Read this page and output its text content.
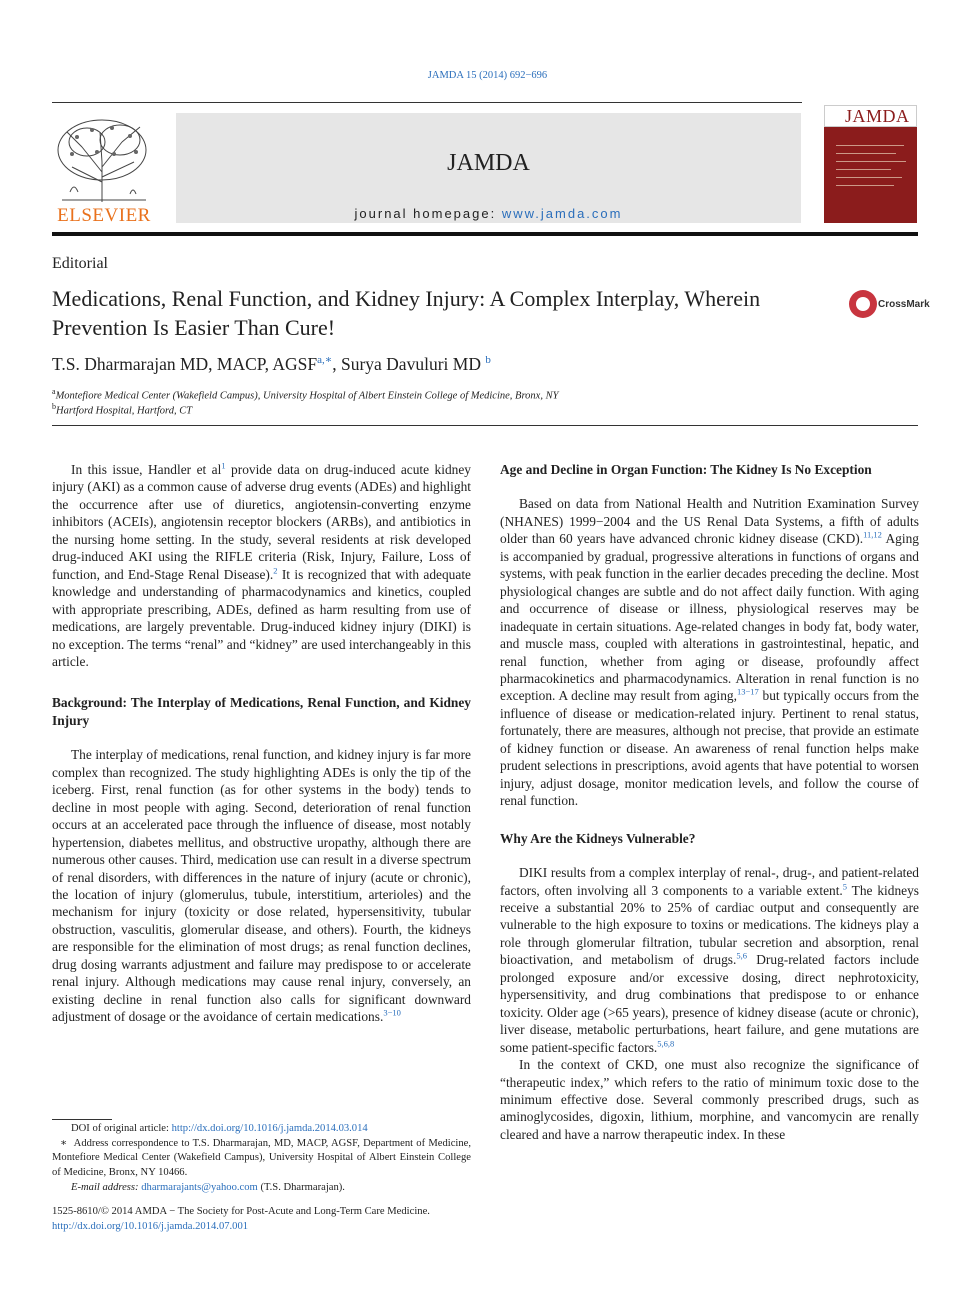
JAMDA 15 (2014) 692−696
ELSEVIER
JAMDA
journal homepage: www.jamda.com
JAMDA
Editorial
Medications, Renal Function, and Kidney Injury: A Complex Interplay, Wherein Prevention Is Easier Than Cure!
CrossMark
T.S. Dharmarajan MD, MACP, $AGSF^{a,∗}$, Surya Davuluri MD $^b$
$^a$Montefiore Medical Center (Wakefield Campus), University Hospital of Albert Einstein College of Medicine, Bronx, NY
$^b$Hartford Hospital, Hartford, CT

In this issue, Handler et $al^1$ provide data on drug-induced acute kidney injury (AKI) as a common cause of adverse drug events (ADEs) and highlight the occurrence after use of diuretics, angiotensin-converting enzyme inhibitors (ACEIs), angiotensin receptor blockers (ARBs), and antibiotics in the nursing home setting. In the study, several residents at risk developed drug-induced AKI using the RIFLE criteria (Risk, Injury, Failure, Loss of function, and End-Stage Renal Disease).$^2$ It is recognized that with adequate knowledge and understanding of pharmacodynamics and kinetics, coupled with appropriate prescribing, ADEs, defined as harm resulting from use of medications, are largely preventable. Drug-induced kidney injury (DIKI) is no exception. The terms “renal” and “kidney” are used interchangeably in this article.

Background: The Interplay of Medications, Renal Function, and Kidney Injury

The interplay of medications, renal function, and kidney injury is far more complex than recognized. The study highlighting ADEs is only the tip of the iceberg. First, renal function (as for other systems in the body) tends to decline in most people with aging. Second, deterioration of renal function occurs at an accelerated pace through the influence of disease, most notably hypertension, diabetes mellitus, and obstructive uropathy, although there are numerous other causes. Third, medication use can result in a diverse spectrum of renal disorders, with differences in the nature of injury (acute or chronic), the location of injury (glomerulus, tubule, interstitium, arterioles) and the mechanism for injury (toxicity or dose related, hypersensitivity, tubular obstruction, vasculitis, glomerular disease, and others). Fourth, the kidneys are responsible for the elimination of most drugs; as renal function declines, drug dosing warrants adjustment and failure may predispose to or accelerate renal injury. Although medications may cause renal injury, conversely, an existing decline in renal function also calls for significant downward adjustment of dosage or the avoidance of certain medications.$^{3-10}$

Age and Decline in Organ Function: The Kidney Is No Exception

Based on data from National Health and Nutrition Examination Survey (NHANES) 1999−2004 and the US Renal Data Systems, a fifth of adults older than 60 years have advanced chronic kidney disease (CKD).$^{11,12}$ Aging is accompanied by gradual, progressive alterations in functions of organs and systems, with peak function in the earlier decades preceding the decline. Most physiological changes are subtle and do not affect daily function. With aging and occurrence of disease or illness, physiological reserves may be inadequate in certain situations. Age-related changes in body fat, body water, and muscle mass, coupled with alterations in gastrointestinal, hepatic, and renal function, whether from aging or disease, profoundly affect pharmacokinetics and pharmacodynamics. Alteration in renal function is no exception. A decline may result from aging,$^{13-17}$ but typically occurs from the influence of disease or medication-related injury. Pertinent to renal status, fortunately, there are measures, although not precise, that provide an estimate of kidney function or disease. An awareness of renal function helps make prudent selections in prescriptions, avoid agents that have potential to worsen injury, adjust dosage, monitor medication levels, and follow the course of renal function.

Why Are the Kidneys Vulnerable?

DIKI results from a complex interplay of renal-, drug-, and patient-related factors, often involving all 3 components to a variable extent.$^5$ The kidneys receive a substantial 20% to 25% of cardiac output and consequently are vulnerable to the high exposure to toxins or medications. The kidneys play a role through glomerular filtration, tubular secretion and absorption, renal bioactivation, and metabolism of drugs.$^{5,6}$ Drug-related factors include prolonged exposure and/or excessive dosing, direct nephrotoxicity, hypersensitivity, and drug combinations that predispose to or enhance toxicity. Older age (>65 years), presence of kidney disease (acute or chronic), liver disease, metabolic perturbations, heart failure, and gene mutations are some patient-specific factors.$^{5,6,8}$

In the context of CKD, one must also recognize the significance of “therapeutic index,” which refers to the ratio of minimum toxic dose to the minimum effective dose. Several commonly prescribed drugs, such as aminoglycosides, digoxin, lithium, morphine, and vancomycin are renally cleared and have a narrow therapeutic index. In these

DOI of original article: http://dx.doi.org/10.1016/j.jamda.2014.03.014
∗ Address correspondence to T.S. Dharmarajan, MD, MACP, AGSF, Department of Medicine, Montefiore Medical Center (Wakefield Campus), University Hospital of Albert Einstein College of Medicine, Bronx, NY 10466.
E-mail address: dharmarajants@yahoo.com (T.S. Dharmarajan).
1525-8610/© 2014 AMDA − The Society for Post-Acute and Long-Term Care Medicine.
http://dx.doi.org/10.1016/j.jamda.2014.07.001
